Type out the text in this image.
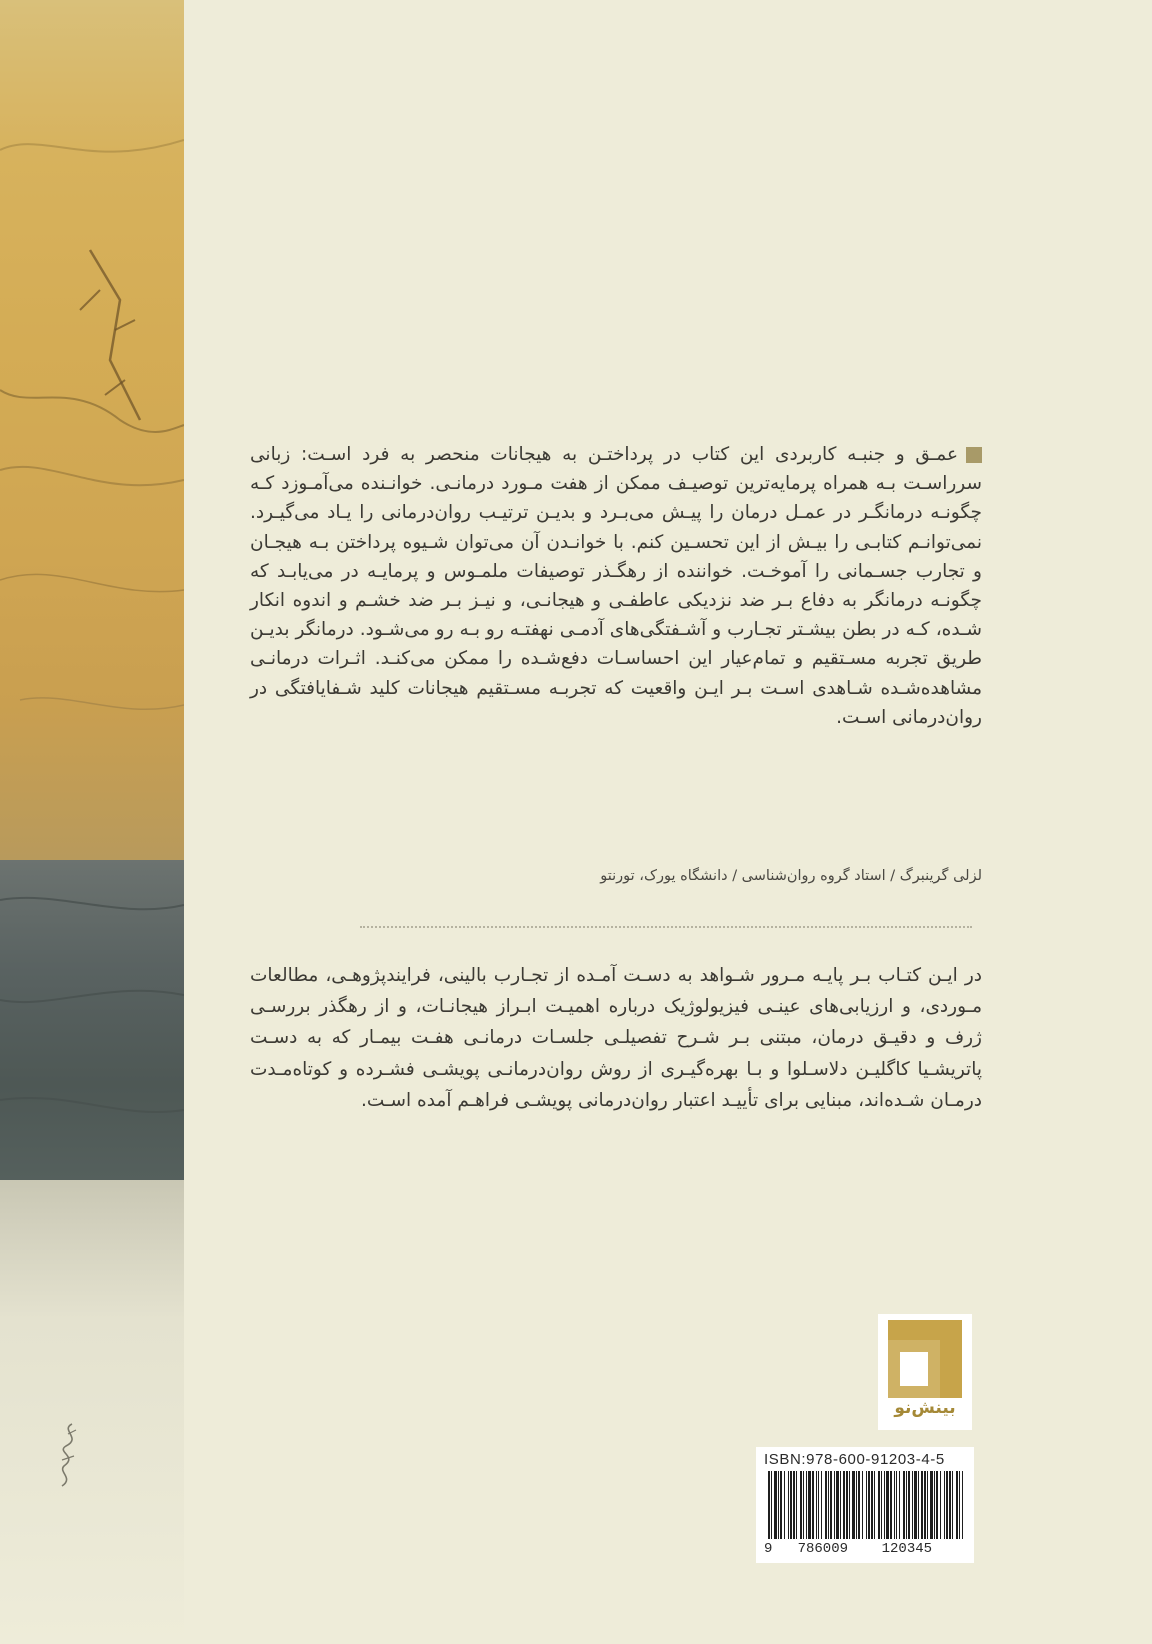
عمـق و جنبـه کاربردی این کتاب در پرداختـن به هیجانات منحصر به فرد اسـت: زبانی سرراسـت بـه همراه پرمایه‌ترین توصیـف ممکن از هفت مـورد درمانـی. خوانـنده می‌آمـوزد کـه چگونـه درمانگـر در عمـل درمان را پیـش می‌بـرد و بدیـن ترتیـب روان‌درمانی را یـاد می‌گیـرد. نمی‌توانـم کتابـی را بیـش از این تحسـین کنم. با خوانـدن آن می‌توان شـیوه پرداختن بـه هیجـان و تجارب جسـمانی را آموخـت. خواننده از رهگـذر توصیفات ملمـوس و پرمایـه در می‌یابـد که چگونـه درمانگر به دفاع بـر ضد نزدیکی عاطفـی و هیجانـی، و نیـز بـر ضد خشـم و اندوه انکار شـده، کـه در بطن بیشـتر تجـارب و آشـفتگی‌های آدمـی نهفتـه رو بـه رو می‌شـود. درمانگر بدیـن طریق تجربه مسـتقیم و تمام‌عیار این احساسـات دفع‌شـده را ممکن می‌کنـد. اثـرات درمانـی مشاهده‌شـده شـاهدی اسـت بـر ایـن واقعیت که تجربـه مسـتقیم هیجانات کلید شـفایافتگی در روان‌درمانی اسـت.
لزلی گرینبرگ / استاد گروه روان‌شناسی / دانشگاه یورک، تورنتو
در ایـن کتـاب بـر پایـه مـرور شـواهد به دسـت آمـده از تجـارب بالینی، فرایندپژوهـی، مطالعات مـوردی، و ارزیابی‌های عینـی فیزیولوژیک درباره اهمیـت ابـراز هیجانـات، و از رهگذر بررسـی ژرف و دقیـق درمان، مبتنی بـر شـرح تفصیلـی جلسـات درمانـی هفـت بیمـار که به دسـت پاتریشـیا کاگلیـن دلاسـلوا و بـا بهره‌گیـری از روش روان‌درمانـی پویشـی فشـرده و کوتاه‌مـدت درمـان شـده‌اند، مبنایی برای تأییـد اعتبار روان‌درمانی پویشـی فراهـم آمده اسـت.
بینش‌نو
ISBN:978-600-91203-4-5
9   786009    120345
